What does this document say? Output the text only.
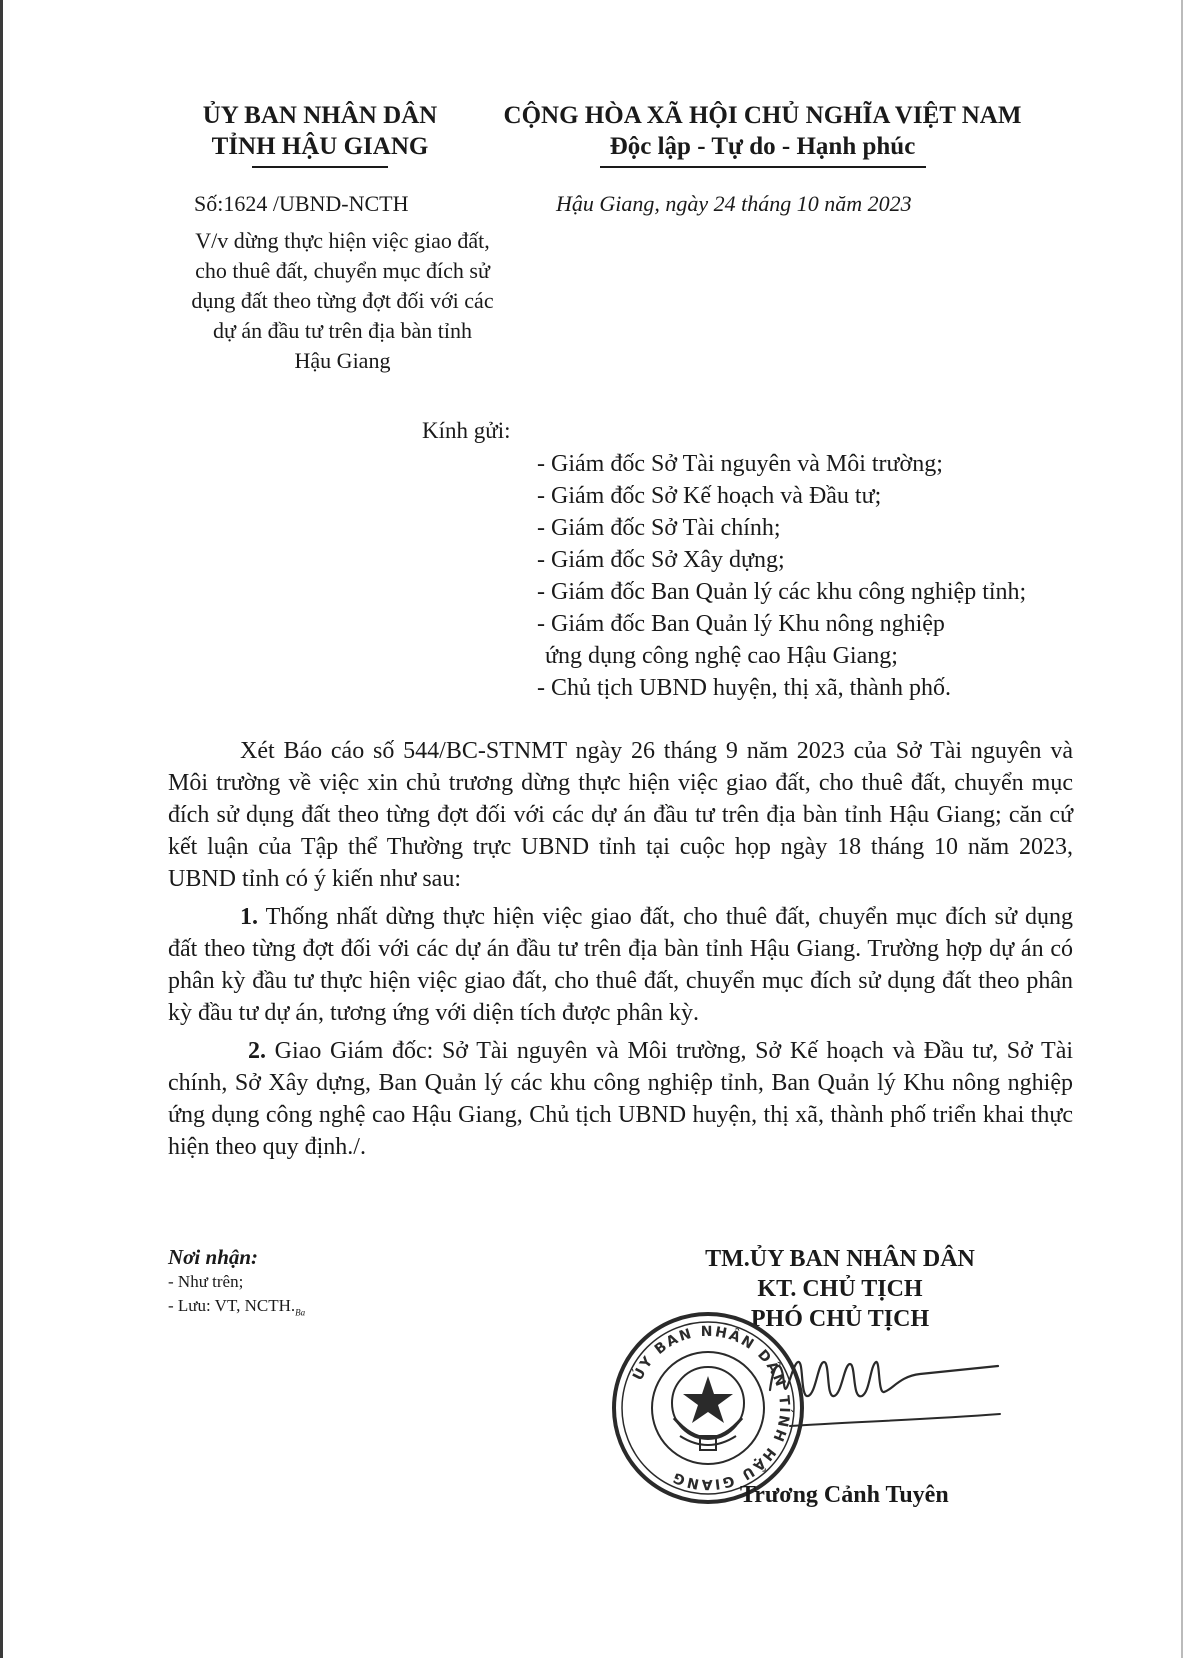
ỦY BAN NHÂN DÂN
TỈNH HẬU GIANG
CỘNG HÒA XÃ HỘI CHỦ NGHĨA VIỆT NAM
Độc lập - Tự do - Hạnh phúc
Số:1624 /UBND-NCTH	Hậu Giang, ngày 24 tháng 10 năm 2023
V/v dừng thực hiện việc giao đất,
cho thuê đất, chuyển mục đích sử
dụng đất theo từng đợt đối với các
dự án đầu tư trên địa bàn tỉnh
Hậu Giang
Kính gửi:
- Giám đốc Sở Tài nguyên và Môi trường;
- Giám đốc Sở Kế hoạch và Đầu tư;
- Giám đốc Sở Tài chính;
- Giám đốc Sở Xây dựng;
- Giám đốc Ban Quản lý các khu công nghiệp tỉnh;
- Giám đốc Ban Quản lý Khu nông nghiệp
ứng dụng công nghệ cao Hậu Giang;
- Chủ tịch UBND huyện, thị xã, thành phố.
Xét Báo cáo số 544/BC-STNMT ngày 26 tháng 9 năm 2023 của Sở Tài nguyên và Môi trường về việc xin chủ trương dừng thực hiện việc giao đất, cho thuê đất, chuyển mục đích sử dụng đất theo từng đợt đối với các dự án đầu tư trên địa bàn tỉnh Hậu Giang; căn cứ kết luận của Tập thể Thường trực UBND tỉnh tại cuộc họp ngày 18 tháng 10 năm 2023, UBND tỉnh có ý kiến như sau:
1. Thống nhất dừng thực hiện việc giao đất, cho thuê đất, chuyển mục đích sử dụng đất theo từng đợt đối với các dự án đầu tư trên địa bàn tỉnh Hậu Giang. Trường hợp dự án có phân kỳ đầu tư thực hiện việc giao đất, cho thuê đất, chuyển mục đích sử dụng đất theo phân kỳ đầu tư dự án, tương ứng với diện tích được phân kỳ.
2. Giao Giám đốc: Sở Tài nguyên và Môi trường, Sở Kế hoạch và Đầu tư, Sở Tài chính, Sở Xây dựng, Ban Quản lý các khu công nghiệp tỉnh, Ban Quản lý Khu nông nghiệp ứng dụng công nghệ cao Hậu Giang, Chủ tịch UBND huyện, thị xã, thành phố triển khai thực hiện theo quy định./.
Nơi nhận:
- Như trên;
- Lưu: VT, $NCTH._{Ba}$
TM.ỦY BAN NHÂN DÂN
KT. CHỦ TỊCH
PHÓ CHỦ TỊCH
ỦY BAN NHÂN DÂN TỈNH HẬU GIANG
Trương Cảnh Tuyên
